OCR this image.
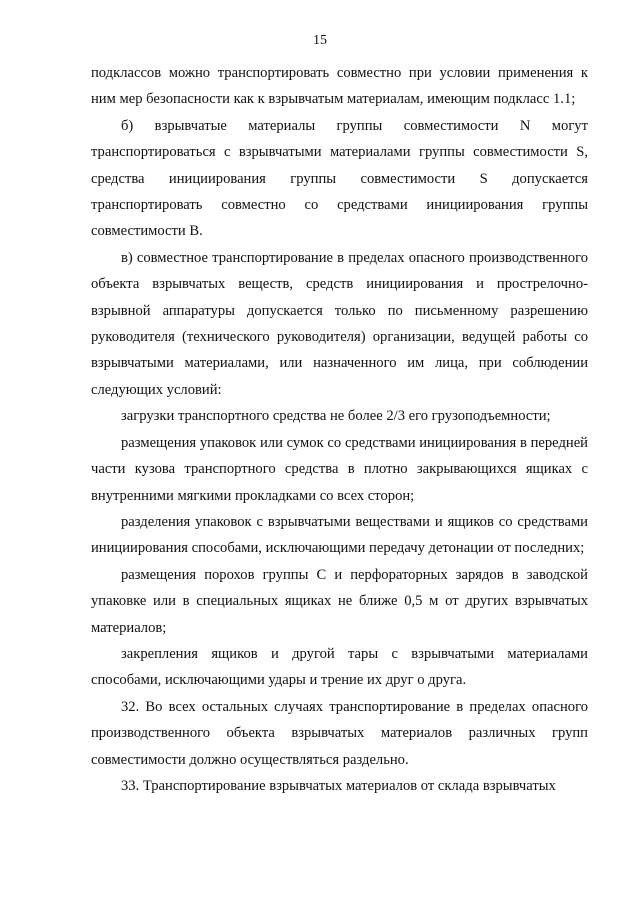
15

подклассов можно транспортировать совместно при условии применения к ним мер безопасности как к взрывчатым материалам, имеющим подкласс 1.1;

б) взрывчатые материалы группы совместимости N могут транспортироваться с взрывчатыми материалами группы совместимости S, средства инициирования группы совместимости S допускается транспортировать совместно со средствами инициирования группы совместимости B.

в) совместное транспортирование в пределах опасного производственного объекта взрывчатых веществ, средств инициирования и прострелочно-взрывной аппаратуры допускается только по письменному разрешению руководителя (технического руководителя) организации, ведущей работы со взрывчатыми материалами, или назначенного им лица, при соблюдении следующих условий:

загрузки транспортного средства не более 2/3 его грузоподъемности;

размещения упаковок или сумок со средствами инициирования в передней части кузова транспортного средства в плотно закрывающихся ящиках с внутренними мягкими прокладками со всех сторон;

разделения упаковок с взрывчатыми веществами и ящиков со средствами инициирования способами, исключающими передачу детонации от последних;

размещения порохов группы C и перфораторных зарядов в заводской упаковке или в специальных ящиках не ближе 0,5 м от других взрывчатых материалов;

закрепления ящиков и другой тары с взрывчатыми материалами способами, исключающими удары и трение их друг о друга.

32. Во всех остальных случаях транспортирование в пределах опасного производственного объекта взрывчатых материалов различных групп совместимости должно осуществляться раздельно.

33. Транспортирование взрывчатых материалов от склада взрывчатых
